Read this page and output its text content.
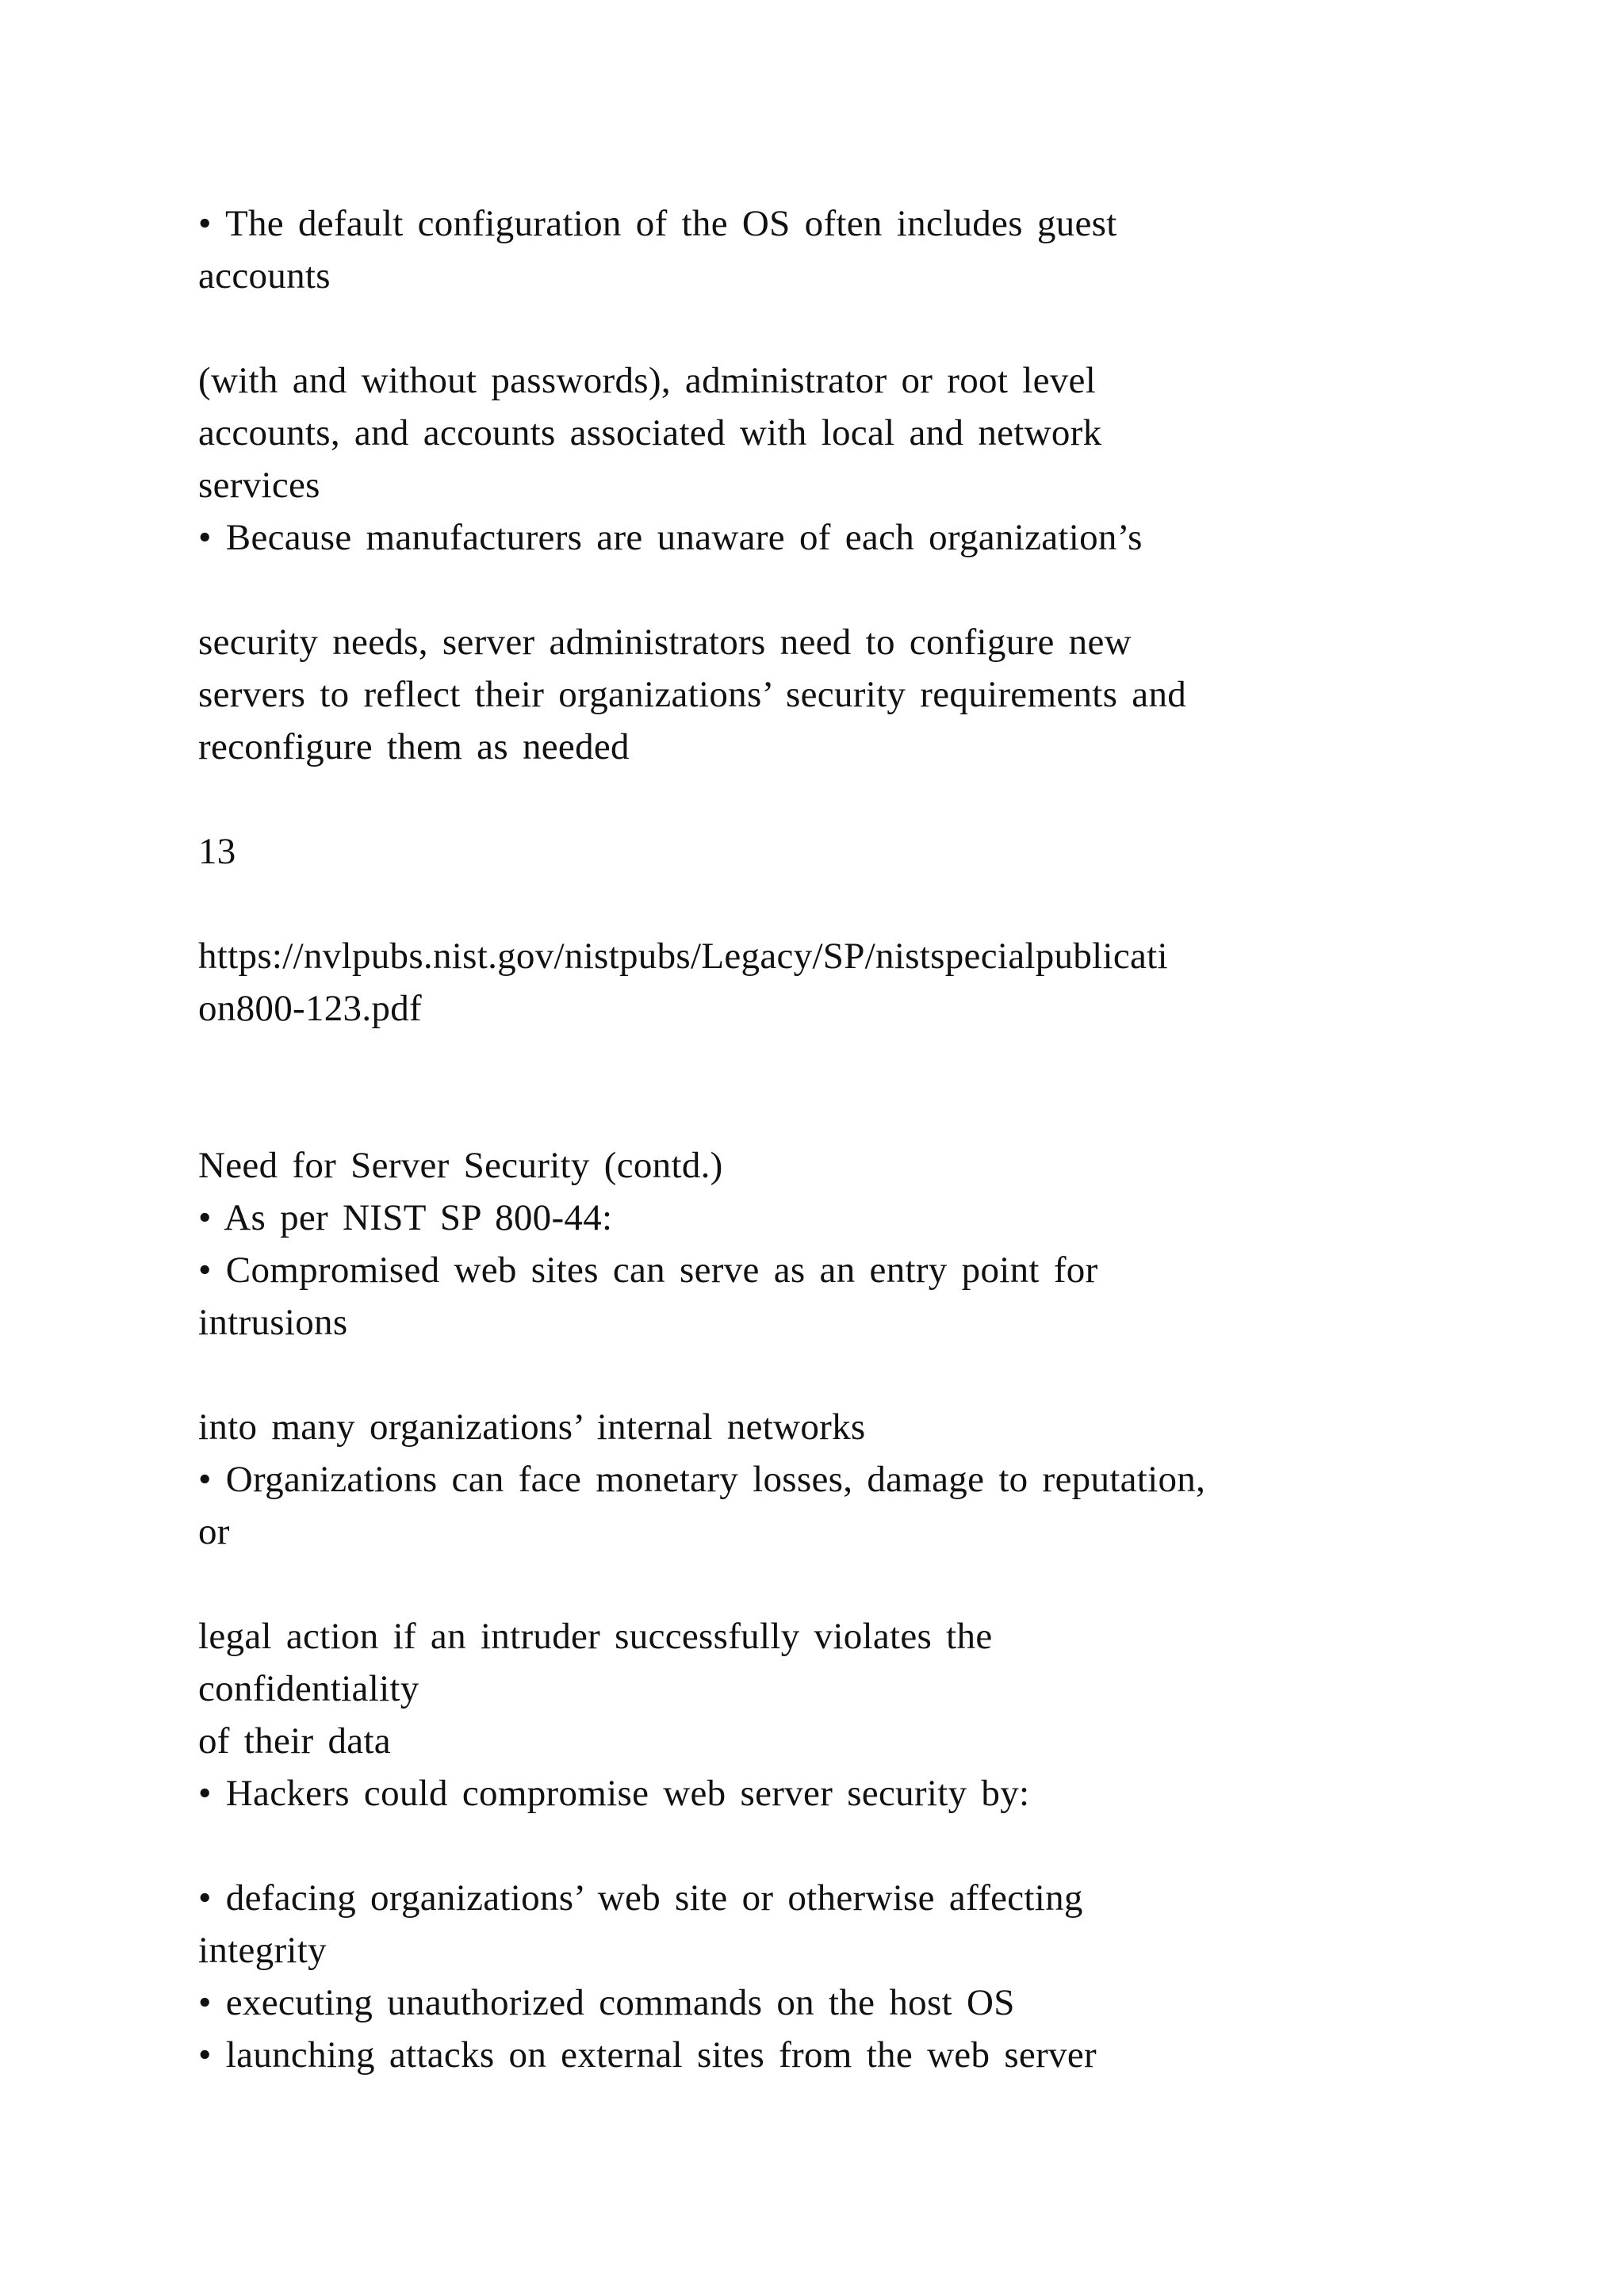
• The default configuration of the OS often includes guest

accounts

(with and without passwords), administrator or root level

accounts, and accounts associated with local and network

services

• Because manufacturers are unaware of each organization’s

security needs, server administrators need to configure new

servers to reflect their organizations’ security requirements and

reconfigure them as needed

13

https://nvlpubs.nist.gov/nistpubs/Legacy/SP/nistspecialpublicati

on800-123.pdf

Need for Server Security (contd.)

• As per NIST SP 800-44:

• Compromised web sites can serve as an entry point for

intrusions

into many organizations’ internal networks

• Organizations can face monetary losses, damage to reputation,

or

legal action if an intruder successfully violates the

confidentiality

of their data

• Hackers could compromise web server security by:

• defacing organizations’ web site or otherwise affecting

integrity

• executing unauthorized commands on the host OS

• launching attacks on external sites from the web server
